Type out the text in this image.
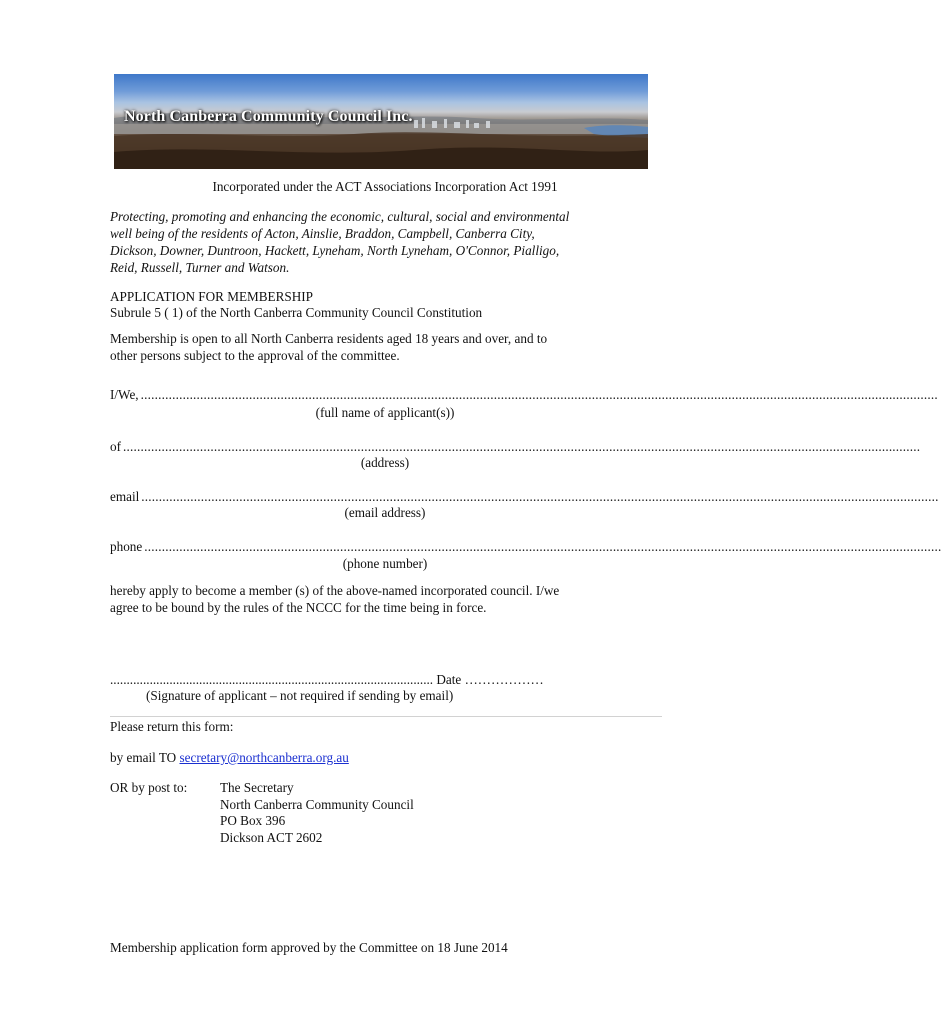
North Canberra Community Council Inc.
Incorporated under the ACT Associations Incorporation Act 1991
Protecting, promoting and enhancing the economic, cultural, social and environmental
well being of the residents of Acton, Ainslie, Braddon, Campbell, Canberra City,
Dickson, Downer, Duntroon, Hackett, Lyneham, North Lyneham, O'Connor, Pialligo,
Reid, Russell, Turner and Watson.
APPLICATION FOR MEMBERSHIP
Subrule 5 ( 1) of the North Canberra Community Council Constitution
Membership is open to all North Canberra residents aged 18 years and over, and to
other persons subject to the approval of the committee.
I/We, ....................................................................................................................................................................................................................................
(full name of applicant(s))
of ....................................................................................................................................................................................................................................
(address)
email ....................................................................................................................................................................................................................................
(email address)
phone ....................................................................................................................................................................................................................................
(phone number)
hereby apply to become a member (s) of the above-named incorporated council. I/we
agree to be bound by the rules of the NCCC for the time being in force.
.................................................................................................. Date ………………
(Signature of applicant – not required if sending by email)
Please return this form:
by email TO secretary@northcanberra.org.au
OR by post to: The Secretary
North Canberra Community Council
PO Box 396
Dickson ACT 2602
Membership application form approved by the Committee on 18 June 2014
